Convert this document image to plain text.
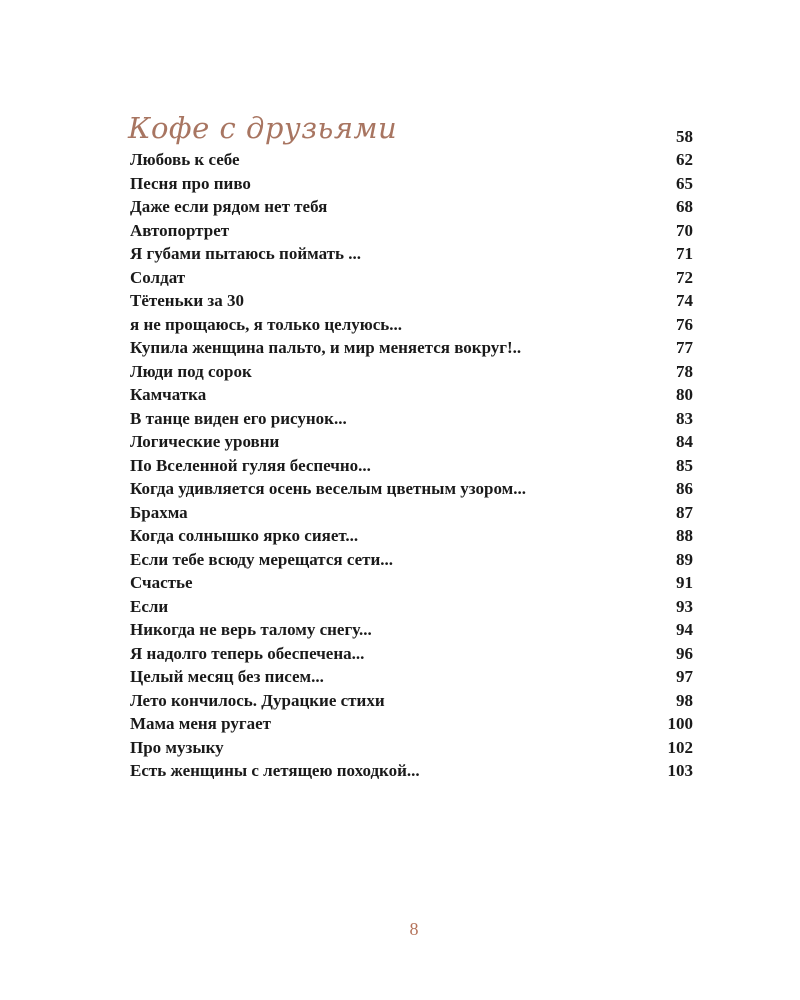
Кофе с друзьями	58
Любовь к себе	62
Песня про пиво	65
Даже если рядом нет тебя	68
Автопортрет	70
Я губами пытаюсь поймать ...	71
Солдат	72
Тётеньки за 30	74
я не прощаюсь, я только целуюсь...	76
Купила женщина пальто, и мир меняется вокруг!..	77
Люди под сорок	78
Камчатка	80
В танце виден его рисунок...	83
Логические уровни	84
По Вселенной гуляя беспечно...	85
Когда удивляется осень веселым цветным узором...	86
Брахма	87
Когда солнышко ярко сияет...	88
Если тебе всюду мерещатся сети...	89
Счастье	91
Если	93
Никогда не верь талому снегу...	94
Я надолго теперь обеспечена...	96
Целый месяц без писем...	97
Лето кончилось. Дурацкие стихи	98
Мама меня ругает	100
Про музыку	102
Есть женщины с летящею походкой...	103
8
